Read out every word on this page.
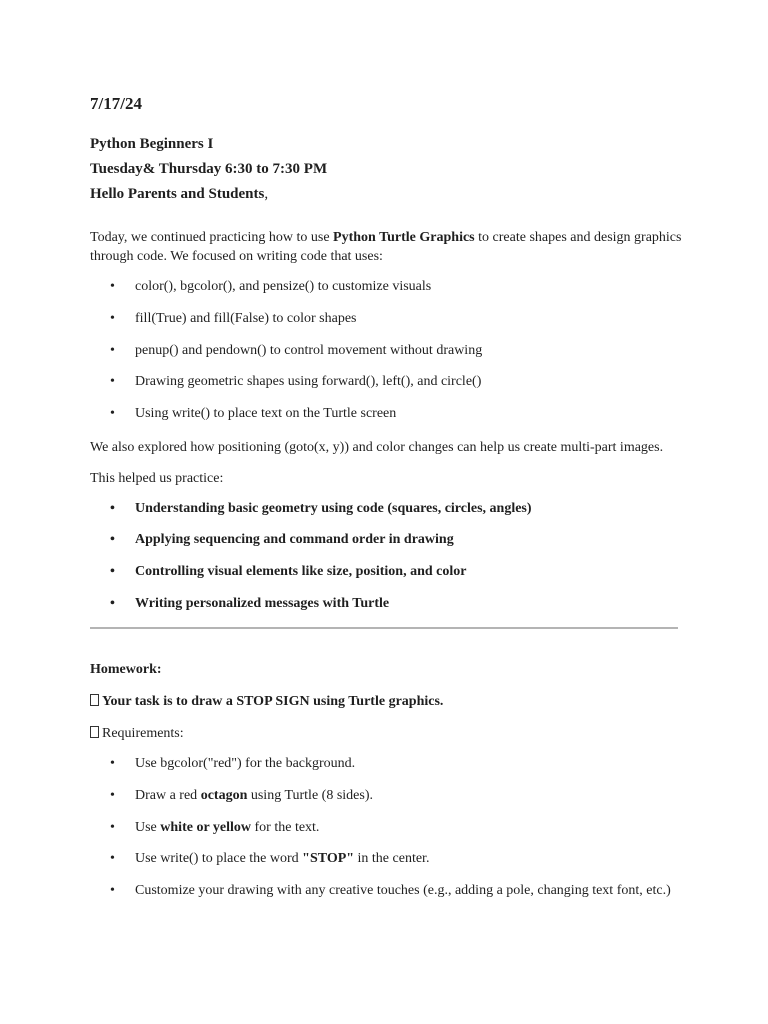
7/17/24

Python Beginners I

Tuesday& Thursday 6:30 to 7:30 PM

Hello Parents and Students,

Today, we continued practicing how to use Python Turtle Graphics to create shapes and design graphics through code. We focused on writing code that uses:

• color(), bgcolor(), and pensize() to customize visuals

• fill(True) and fill(False) to color shapes

• penup() and pendown() to control movement without drawing

• Drawing geometric shapes using forward(), left(), and circle()

• Using write() to place text on the Turtle screen

We also explored how positioning (goto(x, y)) and color changes can help us create multi-part images.

This helped us practice:

• Understanding basic geometry using code (squares, circles, angles)

• Applying sequencing and command order in drawing

• Controlling visual elements like size, position, and color

• Writing personalized messages with Turtle

Homework:

Your task is to draw a STOP SIGN using Turtle graphics.

Requirements:

• Use bgcolor("red") for the background.

• Draw a red octagon using Turtle (8 sides).

• Use white or yellow for the text.

• Use write() to place the word "STOP" in the center.

• Customize your drawing with any creative touches (e.g., adding a pole, changing text font, etc.)
